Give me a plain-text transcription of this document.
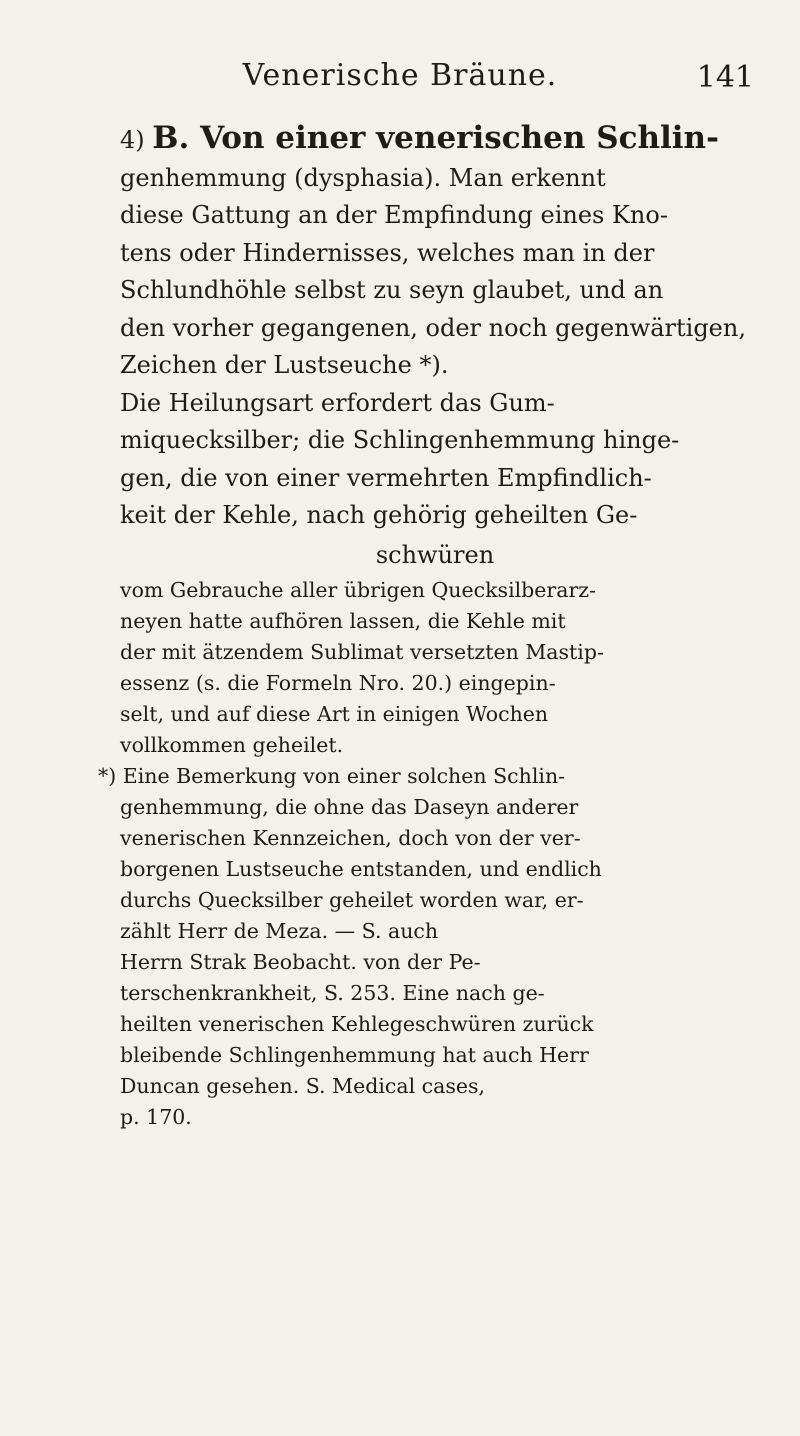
Venerische Bräune.	141

4) B. Von einer venerischen Schlin-

genhemmung (dysphasia). Man erkennt

diese Gattung an der Empfindung eines Kno-

tens oder Hindernisses, welches man in der

Schlundhöhle selbst zu seyn glaubet, und an

den vorher gegangenen, oder noch gegenwärtigen,

Zeichen der Lustseuche *).

Die Heilungsart erfordert das Gum-

miquecksilber; die Schlingenhemmung hinge-

gen, die von einer vermehrten Empfindlich-

keit der Kehle, nach gehörig geheilten Ge-

schwüren

vom Gebrauche aller übrigen Quecksilberarz-

neyen hatte aufhören lassen, die Kehle mit

der mit ätzendem Sublimat versetzten Mastip-

essenz (s. die Formeln Nro. 20.) eingepin-

selt, und auf diese Art in einigen Wochen

vollkommen geheilet.

*) Eine Bemerkung von einer solchen Schlin-

genhemmung, die ohne das Daseyn anderer

venerischen Kennzeichen, doch von der ver-

borgenen Lustseuche entstanden, und endlich

durchs Quecksilber geheilet worden war, er-

zählt Herr de Meza. — S. auch

Herrn Strak Beobacht. von der Pe-

terschenkrankheit, S. 253. Eine nach ge-

heilten venerischen Kehlegeschwüren zurück

bleibende Schlingenhemmung hat auch Herr

Duncan gesehen. S. Medical cases,

p. 170.
